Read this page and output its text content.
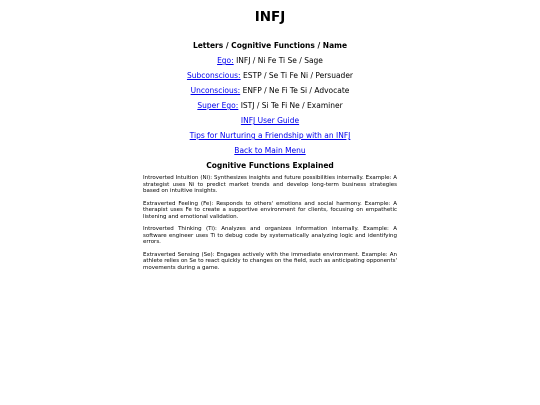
INFJ
Letters / Cognitive Functions / Name

Ego: INFJ / Ni Fe Ti Se / Sage

Subconscious: ESTP / Se Ti Fe Ni / Persuader

Unconscious: ENFP / Ne Fi Te Si / Advocate

Super Ego: ISTJ / Si Te Fi Ne / Examiner

INFJ User Guide

Tips for Nurturing a Friendship with an INFJ

Back to Main Menu

Cognitive Functions Explained

Introverted Intuition (Ni): Synthesizes insights and future possibilities internally. Example: A strategist uses Ni to predict market trends and develop long-term business strategies based on intuitive insights.

Extraverted Feeling (Fe): Responds to others' emotions and social harmony. Example: A therapist uses Fe to create a supportive environment for clients, focusing on empathetic listening and emotional validation.

Introverted Thinking (Ti): Analyzes and organizes information internally. Example: A software engineer uses Ti to debug code by systematically analyzing logic and identifying errors.

Extraverted Sensing (Se): Engages actively with the immediate environment. Example: An athlete relies on Se to react quickly to changes on the field, such as anticipating opponents' movements during a game.
